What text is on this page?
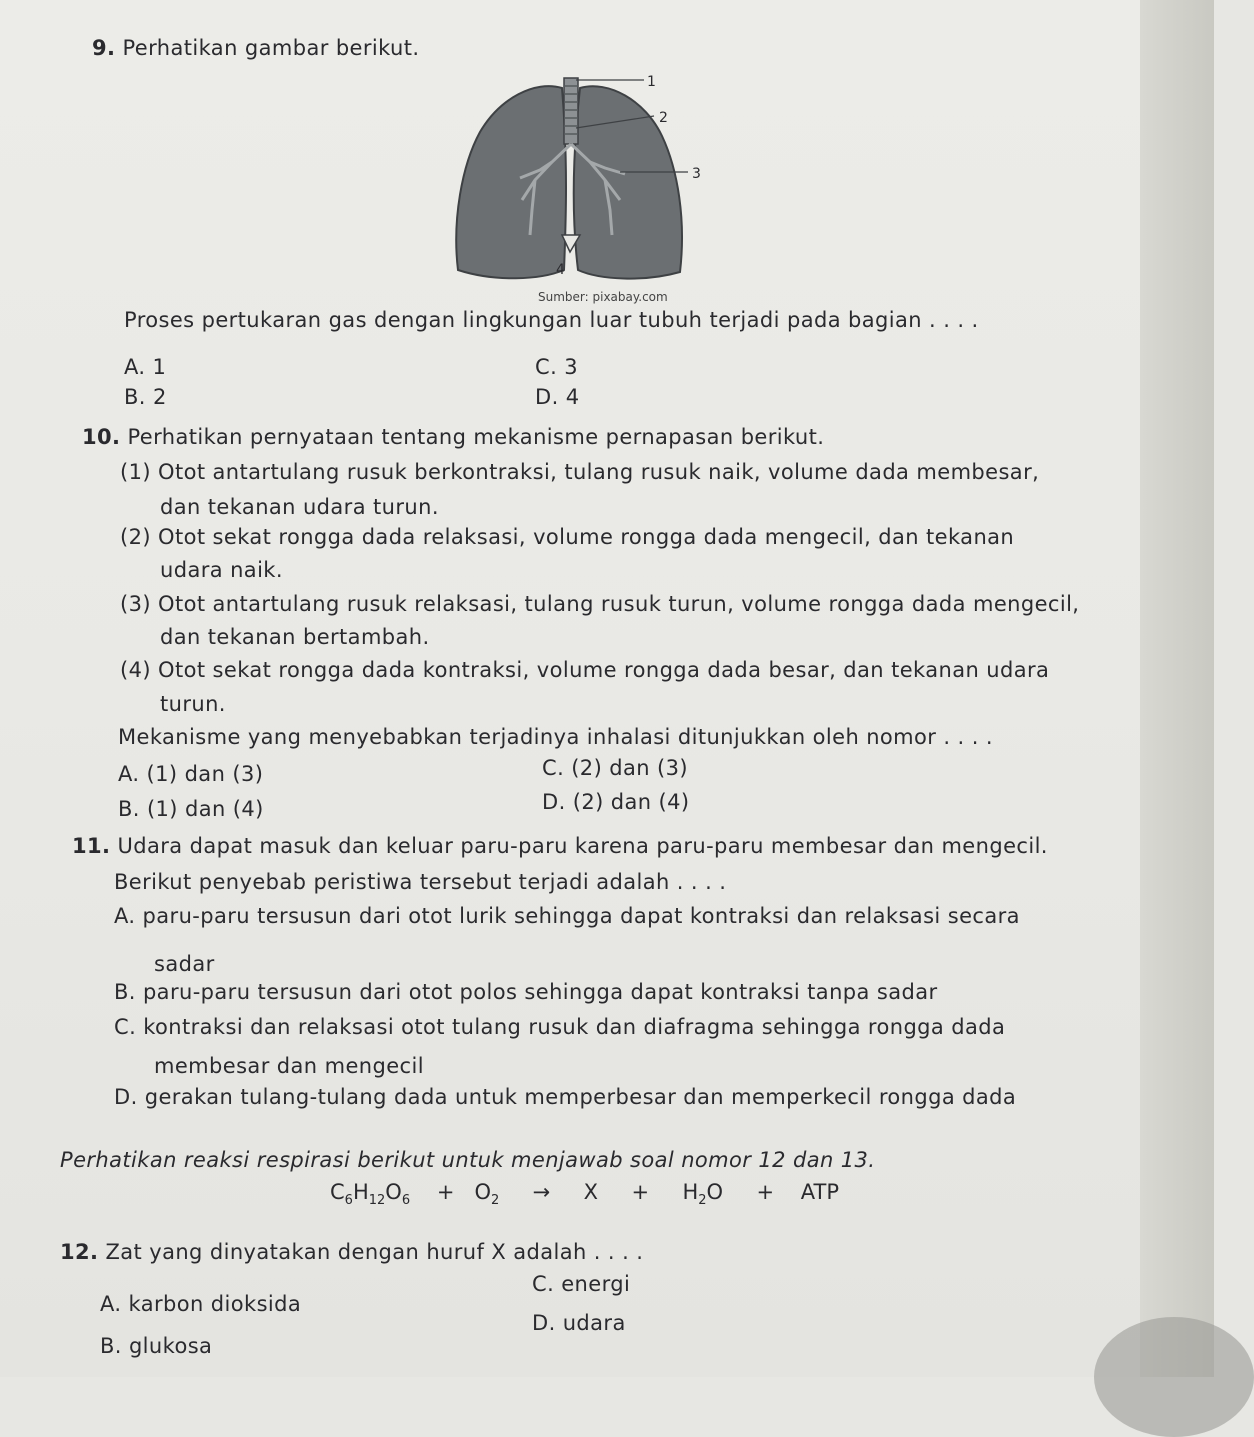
9. Perhatikan gambar berikut.
1
2
3
4
Sumber: pixabay.com
Proses pertukaran gas dengan lingkungan luar tubuh terjadi pada bagian . . . .
A. 1	C. 3
B. 2	D. 4
10. Perhatikan pernyataan tentang mekanisme pernapasan berikut.
(1) Otot antartulang rusuk berkontraksi, tulang rusuk naik, volume dada membesar,
dan tekanan udara turun.
(2) Otot sekat rongga dada relaksasi, volume rongga dada mengecil, dan tekanan
udara naik.
(3) Otot antartulang rusuk relaksasi, tulang rusuk turun, volume rongga dada mengecil,
dan tekanan bertambah.
(4) Otot sekat rongga dada kontraksi, volume rongga dada besar, dan tekanan udara
turun.
Mekanisme yang menyebabkan terjadinya inhalasi ditunjukkan oleh nomor . . . .
A. (1) dan (3)	C. (2) dan (3)
B. (1) dan (4)	D. (2) dan (4)
11. Udara dapat masuk dan keluar paru-paru karena paru-paru membesar dan mengecil.
Berikut penyebab peristiwa tersebut terjadi adalah . . . .
A. paru-paru tersusun dari otot lurik sehingga dapat kontraksi dan relaksasi secara
sadar
B. paru-paru tersusun dari otot polos sehingga dapat kontraksi tanpa sadar
C. kontraksi dan relaksasi otot tulang rusuk dan diafragma sehingga rongga dada
membesar dan mengecil
D. gerakan tulang-tulang dada untuk memperbesar dan memperkecil rongga dada
Perhatikan reaksi respirasi berikut untuk menjawab soal nomor 12 dan 13.
$C_6H_{12}O_6 + O_2 \to X + H_2O$ + ATP
12. Zat yang dinyatakan dengan huruf X adalah . . . .
C. energi
A. karbon dioksida
D. udara
B. glukosa
